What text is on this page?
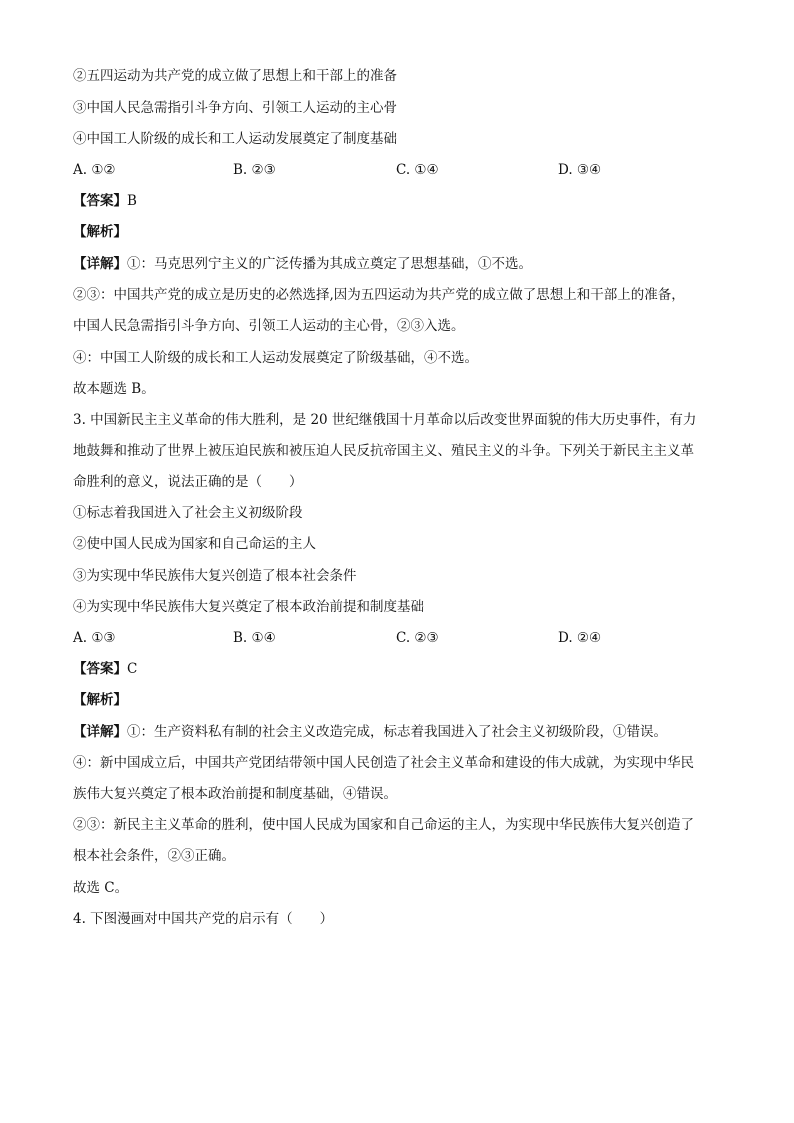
②五四运动为共产党的成立做了思想上和干部上的准备
③中国人民急需指引斗争方向、引领工人运动的主心骨
④中国工人阶级的成长和工人运动发展奠定了制度基础
A. ①②	B. ②③	C. ①④	D. ③④
【答案】B
【解析】
【详解】①：马克思列宁主义的广泛传播为其成立奠定了思想基础，①不选。
②③：中国共产党的成立是历史的必然选择,因为五四运动为共产党的成立做了思想上和干部上的准备，
中国人民急需指引斗争方向、引领工人运动的主心骨，②③入选。
④：中国工人阶级的成长和工人运动发展奠定了阶级基础，④不选。
故本题选 B。
3. 中国新民主主义革命的伟大胜利，是 20 世纪继俄国十月革命以后改变世界面貌的伟大历史事件，有力
地鼓舞和推动了世界上被压迫民族和被压迫人民反抗帝国主义、殖民主义的斗争。下列关于新民主主义革
命胜利的意义，说法正确的是（　　）
①标志着我国进入了社会主义初级阶段
②使中国人民成为国家和自己命运的主人
③为实现中华民族伟大复兴创造了根本社会条件
④为实现中华民族伟大复兴奠定了根本政治前提和制度基础
A. ①③	B. ①④	C. ②③	D. ②④
【答案】C
【解析】
【详解】①：生产资料私有制的社会主义改造完成，标志着我国进入了社会主义初级阶段，①错误。
④：新中国成立后，中国共产党团结带领中国人民创造了社会主义革命和建设的伟大成就，为实现中华民
族伟大复兴奠定了根本政治前提和制度基础，④错误。
②③：新民主主义革命的胜利，使中国人民成为国家和自己命运的主人，为实现中华民族伟大复兴创造了
根本社会条件，②③正确。
故选 C。
4. 下图漫画对中国共产党的启示有（　　）
